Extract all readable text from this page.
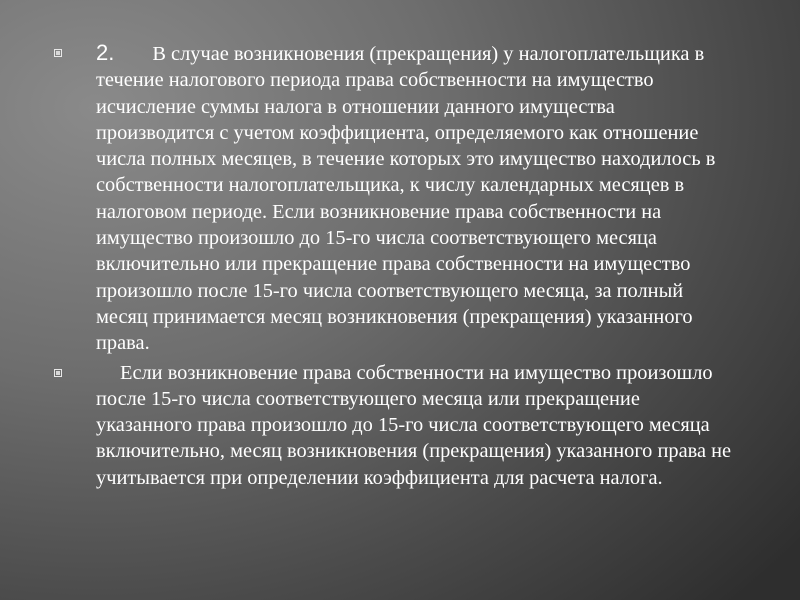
2. В случае возникновения (прекращения) у налогоплательщика в течение налогового периода права собственности на имущество исчисление суммы налога в отношении данного имущества производится с учетом коэффициента, определяемого как отношение числа полных месяцев, в течение которых это имущество находилось в собственности налогоплательщика, к числу календарных месяцев в налоговом периоде. Если возникновение права собственности на имущество произошло до 15-го числа соответствующего месяца включительно или прекращение права собственности на имущество произошло после 15-го числа соответствующего месяца, за полный месяц принимается месяц возникновения (прекращения) указанного права.
Если возникновение права собственности на имущество произошло после 15-го числа соответствующего месяца или прекращение указанного права произошло до 15-го числа соответствующего месяца включительно, месяц возникновения (прекращения) указанного права не учитывается при определении коэффициента для расчета налога.
